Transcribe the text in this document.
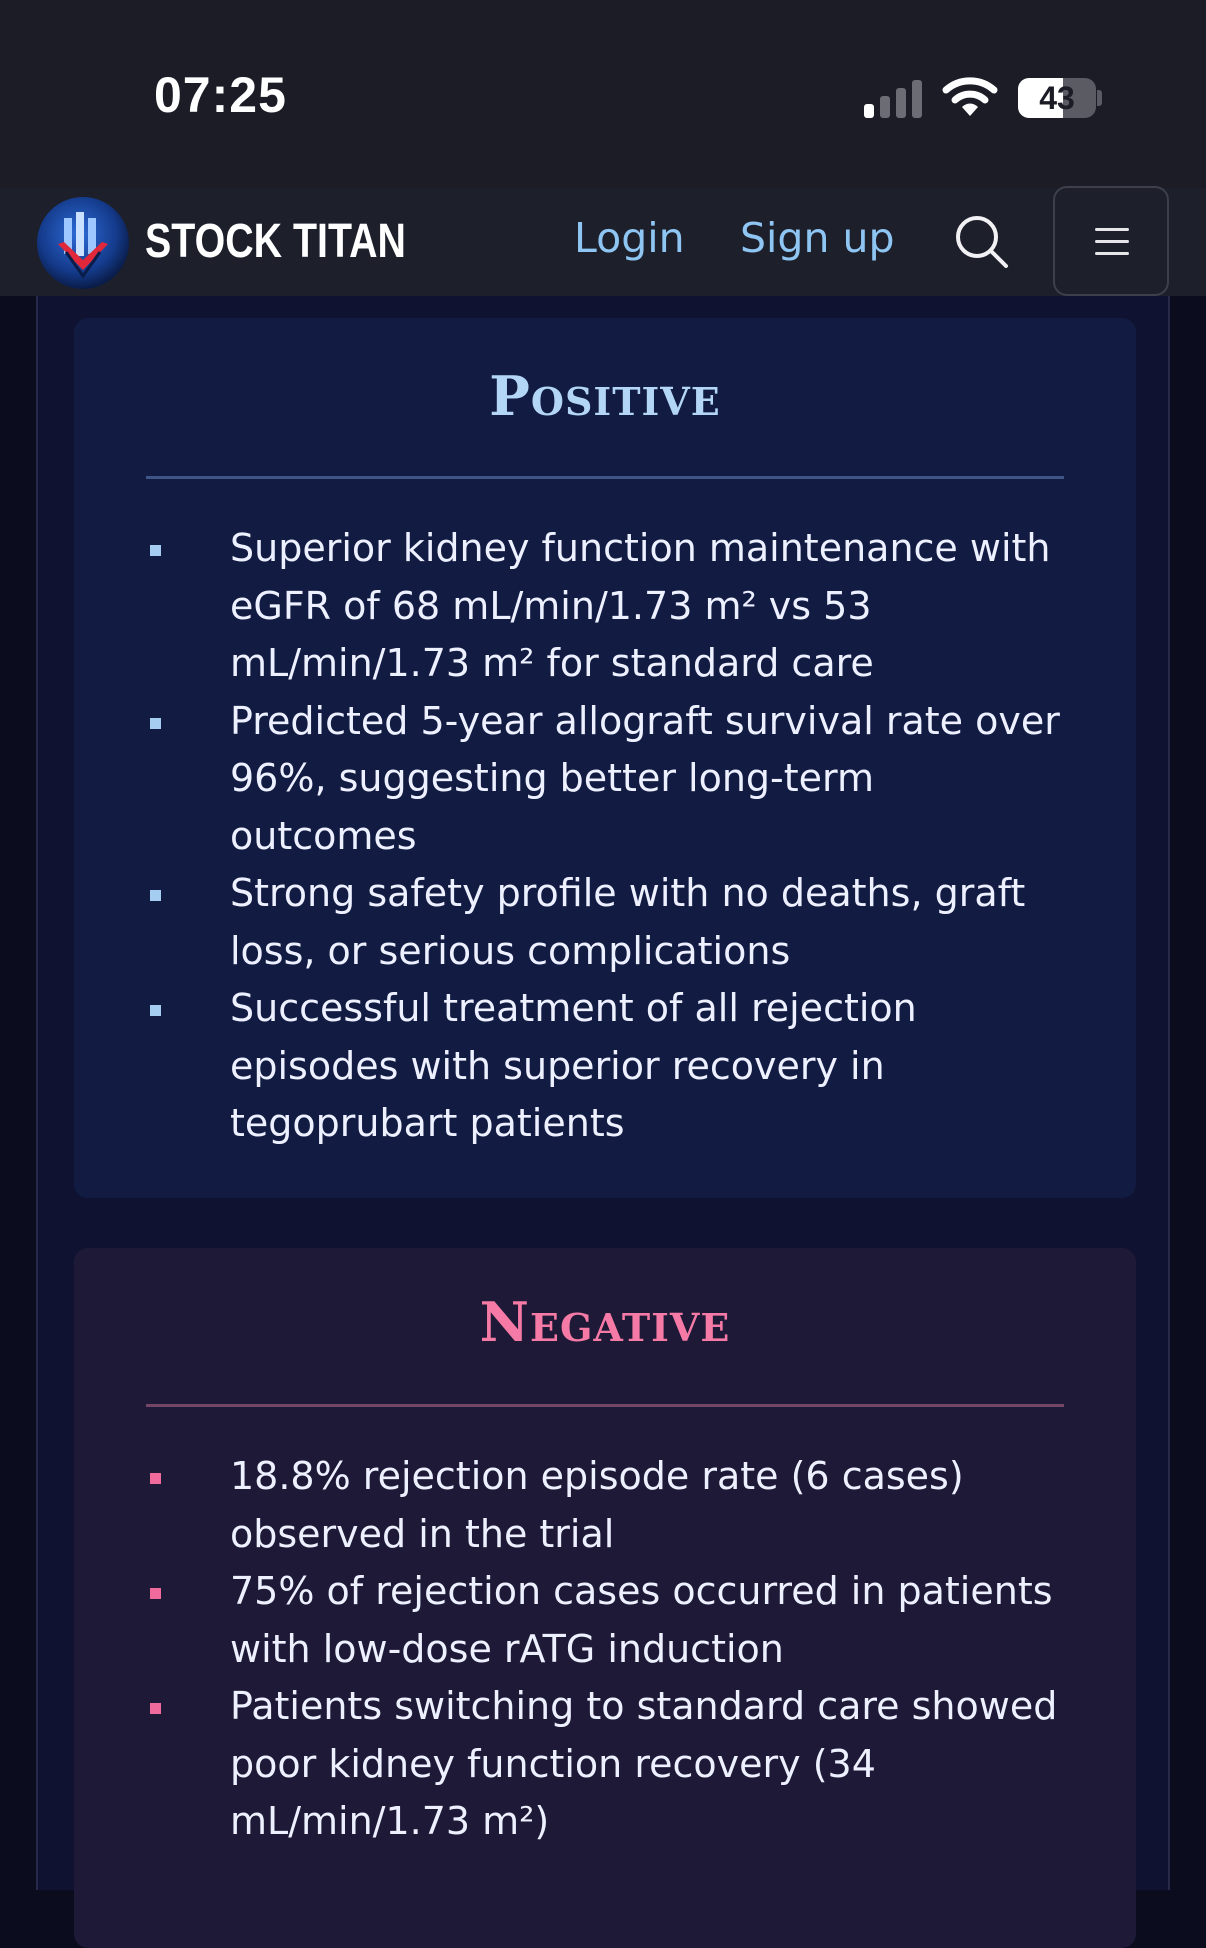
07:25	43
STOCK TITAN	Login Sign up
Positive
Superior kidney function maintenance with eGFR of 68 mL/min/1.73 m² vs 53 mL/min/1.73 m² for standard care
Predicted 5-year allograft survival rate over 96%, suggesting better long-term outcomes
Strong safety profile with no deaths, graft loss, or serious complications
Successful treatment of all rejection episodes with superior recovery in tegoprubart patients
Negative
18.8% rejection episode rate (6 cases) observed in the trial
75% of rejection cases occurred in patients with low-dose rATG induction
Patients switching to standard care showed poor kidney function recovery (34 mL/min/1.73 m²)
